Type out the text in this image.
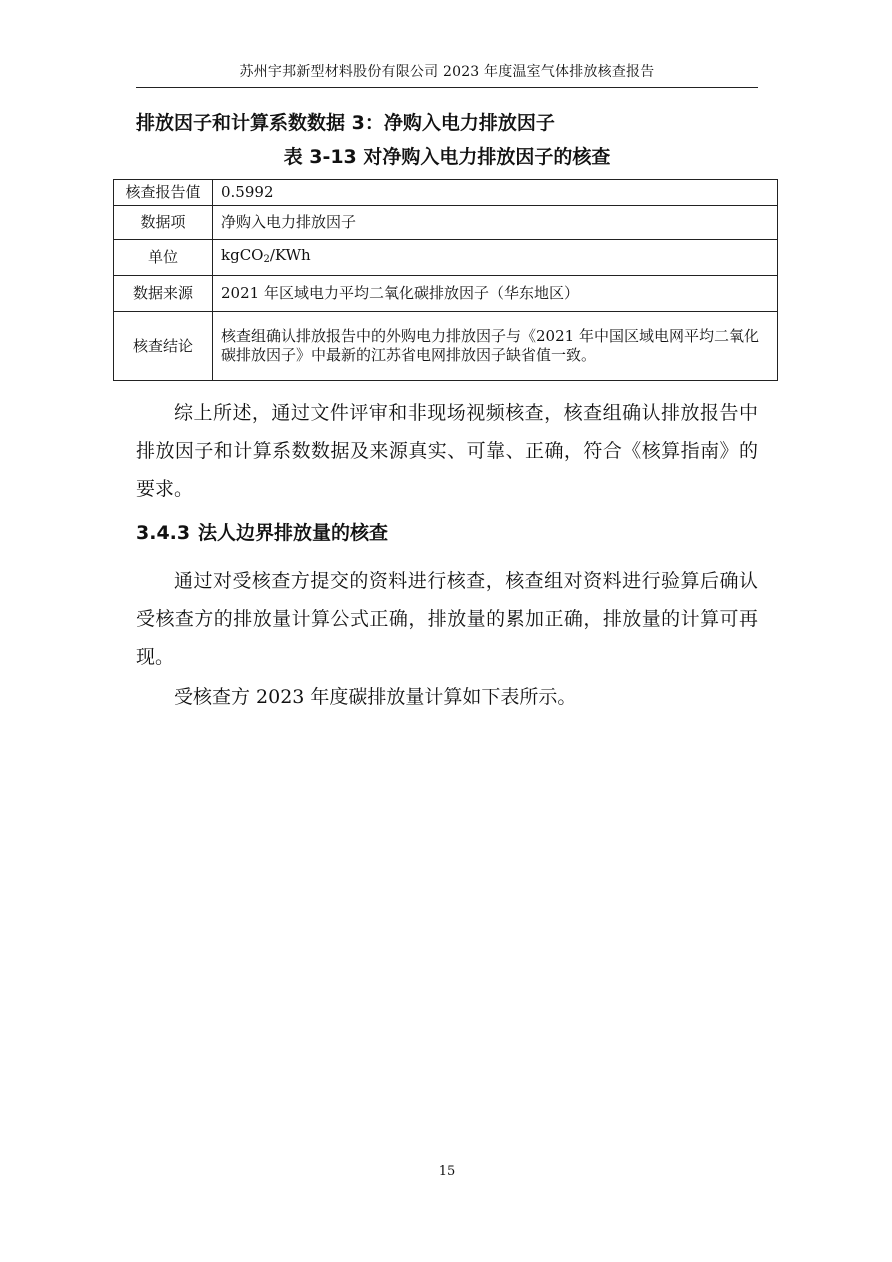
苏州宇邦新型材料股份有限公司 2023 年度温室气体排放核查报告
排放因子和计算系数数据 3：净购入电力排放因子
表 3-13 对净购入电力排放因子的核查
核查报告值	0.5992
数据项	净购入电力排放因子
单位	kgCO$_2$/KWh
数据来源	2021 年区域电力平均二氧化碳排放因子（华东地区）
核查结论	核查组确认排放报告中的外购电力排放因子与《2021 年中国区域电网平均二氧化碳排放因子》中最新的江苏省电网排放因子缺省值一致。
综上所述，通过文件评审和非现场视频核查，核查组确认排放报告中排放因子和计算系数数据及来源真实、可靠、正确，符合《核算指南》的要求。
3.4.3 法人边界排放量的核查
通过对受核查方提交的资料进行核查，核查组对资料进行验算后确认受核查方的排放量计算公式正确，排放量的累加正确，排放量的计算可再现。
受核查方 2023 年度碳排放量计算如下表所示。
15
